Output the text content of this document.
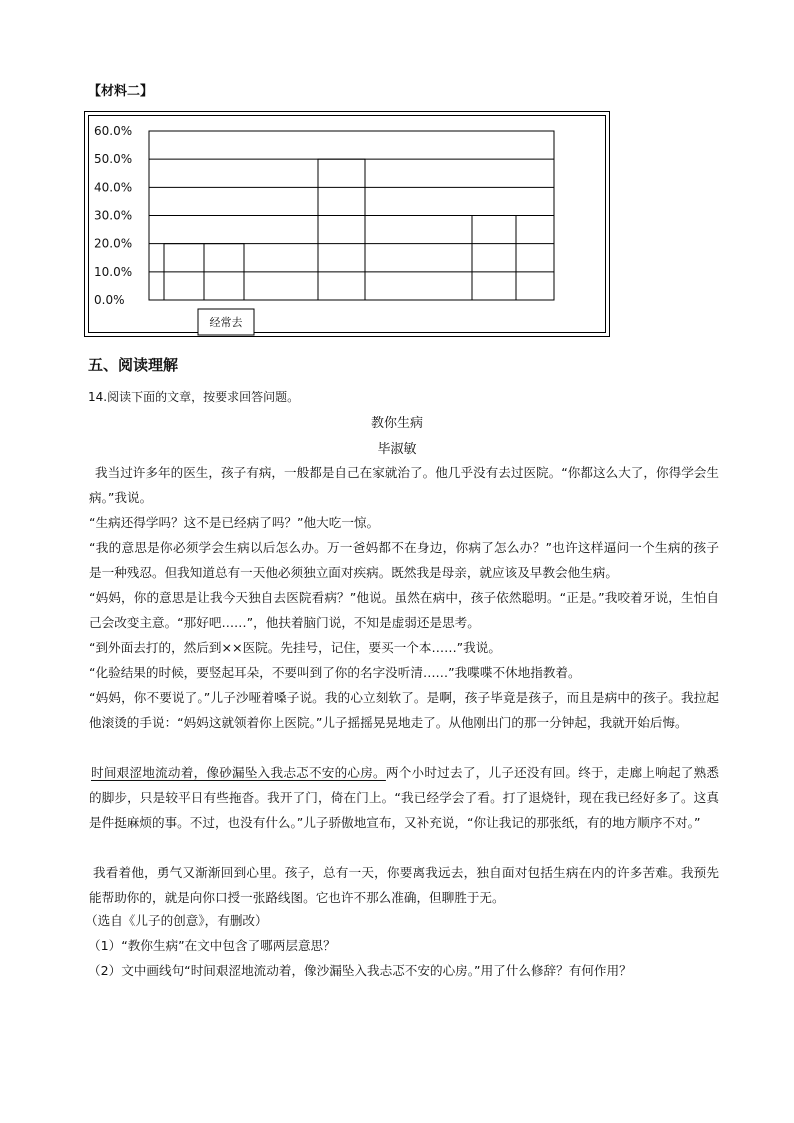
【材料二】
60.0%
50.0%
40.0%
30.0%
20.0%
10.0%
0.0%
经常去
五、阅读理解
14.阅读下面的文章，按要求回答问题。
教你生病
毕淑敏

我当过许多年的医生，孩子有病，一般都是自己在家就治了。他几乎没有去过医院。“你都这么大了，你得学会生病。”我说。

“生病还得学吗？这不是已经病了吗？”他大吃一惊。

“我的意思是你必须学会生病以后怎么办。万一爸妈都不在身边，你病了怎么办？”也许这样逼问一个生病的孩子是一种残忍。但我知道总有一天他必须独立面对疾病。既然我是母亲，就应该及早教会他生病。

“妈妈，你的意思是让我今天独自去医院看病？”他说。虽然在病中，孩子依然聪明。“正是。”我咬着牙说，生怕自己会改变主意。“那好吧……”，他扶着脑门说，不知是虚弱还是思考。

“到外面去打的，然后到××医院。先挂号，记住，要买一个本……”我说。

“化验结果的时候，要竖起耳朵，不要叫到了你的名字没听清……”我喋喋不休地指教着。

“妈妈，你不要说了。”儿子沙哑着嗓子说。我的心立刻软了。是啊，孩子毕竟是孩子，而且是病中的孩子。我拉起他滚烫的手说：“妈妈这就领着你上医院。”儿子摇摇晃晃地走了。从他刚出门的那一分钟起，我就开始后悔。

时间艰涩地流动着，像砂漏坠入我忐忑不安的心房。两个小时过去了，儿子还没有回。终于，走廊上响起了熟悉的脚步，只是较平日有些拖沓。我开了门，倚在门上。“我已经学会了看。打了退烧针，现在我已经好多了。这真是件挺麻烦的事。不过，也没有什么。”儿子骄傲地宣布，又补充说，“你让我记的那张纸，有的地方顺序不对。”

我看着他，勇气又渐渐回到心里。孩子，总有一天，你要离我远去，独自面对包括生病在内的许多苦难。我预先能帮助你的，就是向你口授一张路线图。它也许不那么准确，但聊胜于无。

（选自《儿子的创意》，有删改）
（1）“教你生病”在文中包含了哪两层意思？
（2）文中画线句“时间艰涩地流动着，像沙漏坠入我忐忑不安的心房。”用了什么修辞？有何作用？
